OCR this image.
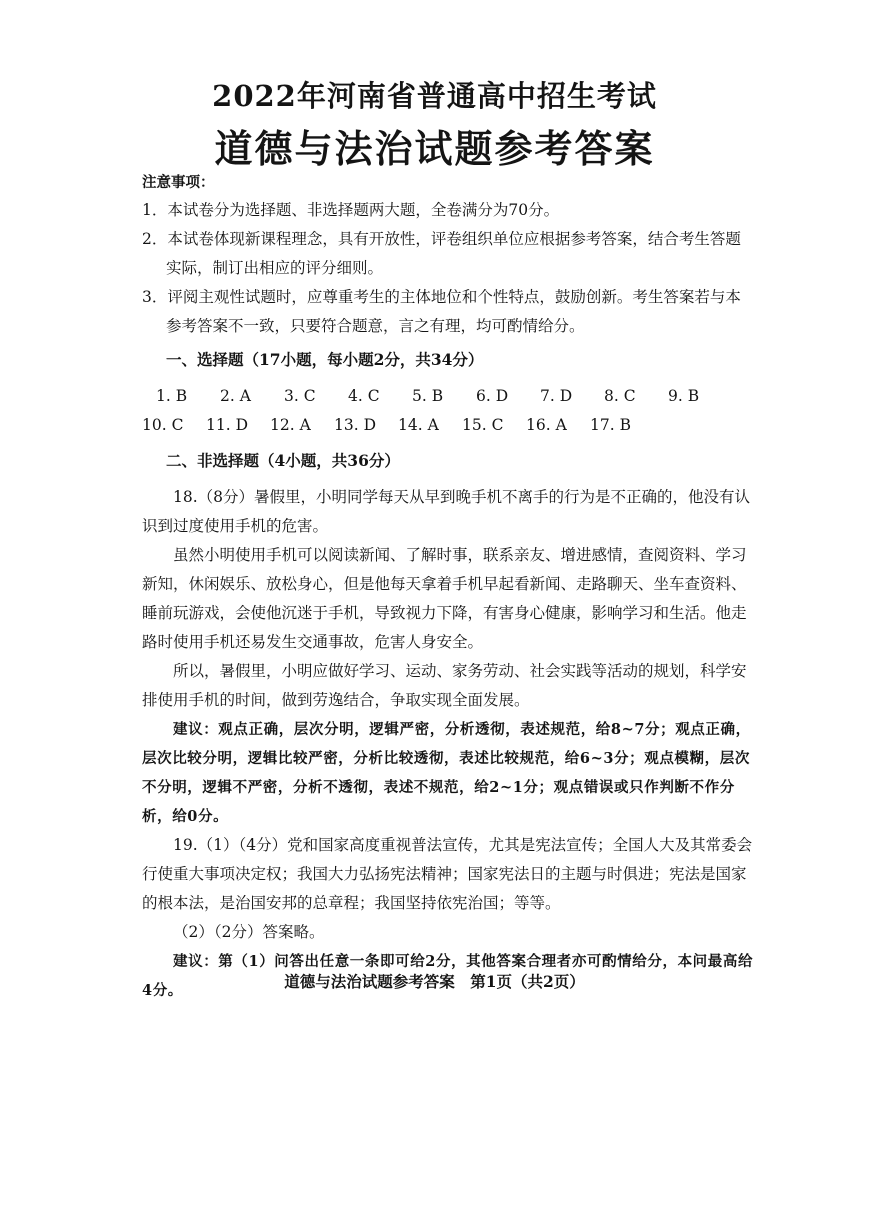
2022年河南省普通高中招生考试
道德与法治试题参考答案

注意事项：

1．本试卷分为选择题、非选择题两大题，全卷满分为70分。

2．本试卷体现新课程理念，具有开放性，评卷组织单位应根据参考答案，结合考生答题实际，制订出相应的评分细则。

3．评阅主观性试题时，应尊重考生的主体地位和个性特点，鼓励创新。考生答案若与本参考答案不一致，只要符合题意，言之有理，均可酌情给分。

一、选择题（17小题，每小题2分，共34分）

1. B	2. A	3. C	4. C	5. B	6. D	7. D	8. C	9. B
10. C	11. D	12. A	13. D	14. A	15. C	16. A	17. B

二、非选择题（4小题，共36分）

18.（8分）暑假里，小明同学每天从早到晚手机不离手的行为是不正确的，他没有认识到过度使用手机的危害。

虽然小明使用手机可以阅读新闻、了解时事，联系亲友、增进感情，查阅资料、学习新知，休闲娱乐、放松身心，但是他每天拿着手机早起看新闻、走路聊天、坐车查资料、睡前玩游戏，会使他沉迷于手机，导致视力下降，有害身心健康，影响学习和生活。他走路时使用手机还易发生交通事故，危害人身安全。

所以，暑假里，小明应做好学习、运动、家务劳动、社会实践等活动的规划，科学安排使用手机的时间，做到劳逸结合，争取实现全面发展。

建议：观点正确，层次分明，逻辑严密，分析透彻，表述规范，给8~7分；观点正确，层次比较分明，逻辑比较严密，分析比较透彻，表述比较规范，给6~3分；观点模糊，层次不分明，逻辑不严密，分析不透彻，表述不规范，给2~1分；观点错误或只作判断不作分析，给0分。

19.（1）（4分）党和国家高度重视普法宣传，尤其是宪法宣传；全国人大及其常委会行使重大事项决定权；我国大力弘扬宪法精神；国家宪法日的主题与时俱进；宪法是国家的根本法，是治国安邦的总章程；我国坚持依宪治国；等等。

（2）（2分）答案略。

建议：第（1）问答出任意一条即可给2分，其他答案合理者亦可酌情给分，本问最高给4分。	道德与法治试题参考答案　第1页（共2页）
